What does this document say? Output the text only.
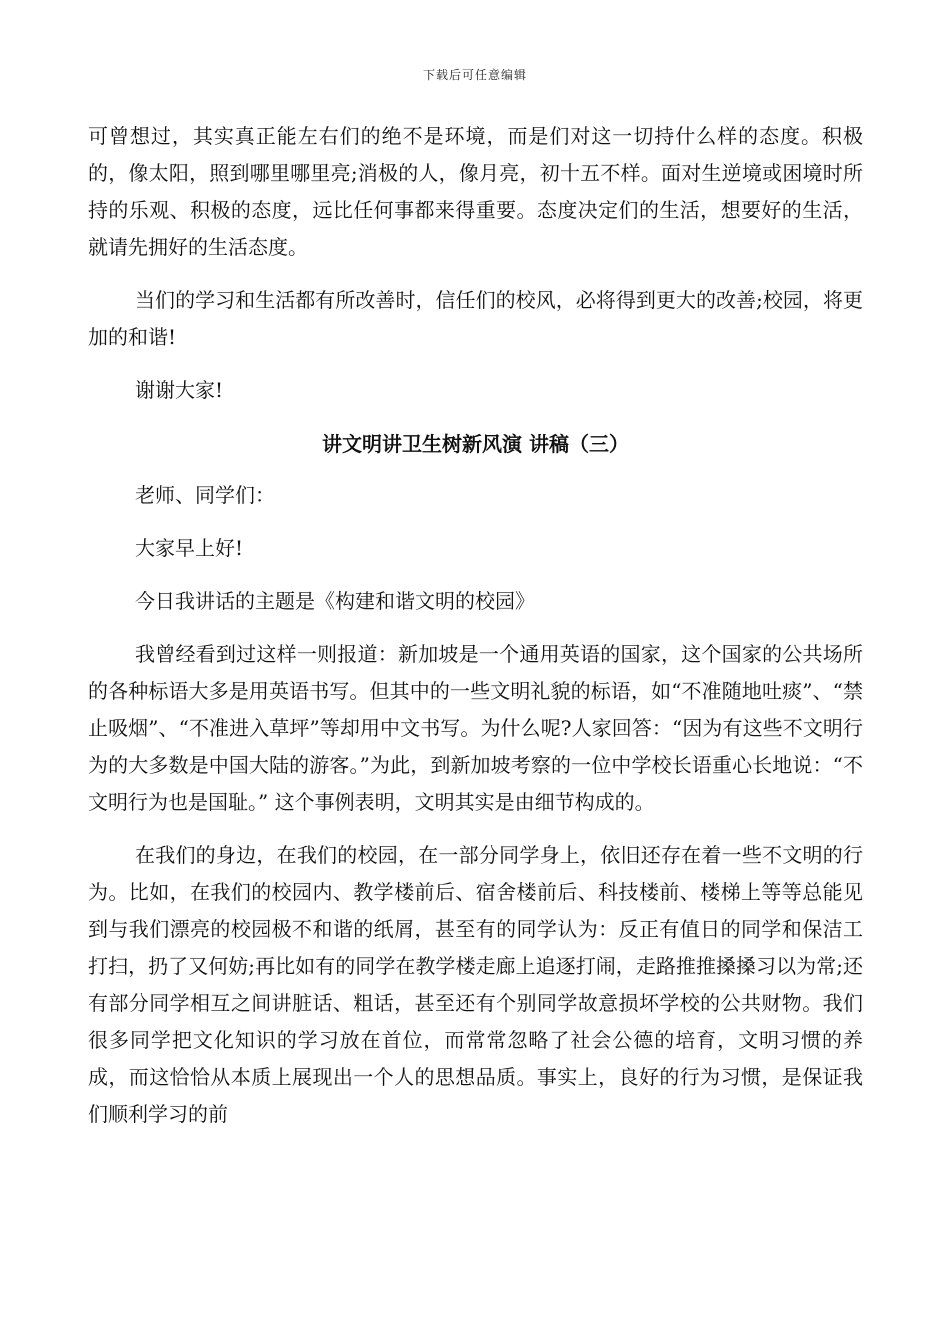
下载后可任意编辑

可曾想过，其实真正能左右们的绝不是环境，而是们对这一切持什么样的态度。积极的，像太阳，照到哪里哪里亮;消极的人，像月亮，初十五不样。面对生逆境或困境时所持的乐观、积极的态度，远比任何事都来得重要。态度决定们的生活，想要好的生活，就请先拥好的生活态度。

当们的学习和生活都有所改善时，信任们的校风，必将得到更大的改善;校园，将更加的和谐!

谢谢大家!

讲文明讲卫生树新风演 讲稿（三）

老师、同学们：

大家早上好!

今日我讲话的主题是《构建和谐文明的校园》

我曾经看到过这样一则报道：新加坡是一个通用英语的国家，这个国家的公共场所的各种标语大多是用英语书写。但其中的一些文明礼貌的标语，如“不准随地吐痰”、“禁止吸烟”、“不准进入草坪”等却用中文书写。为什么呢?人家回答：“因为有这些不文明行为的大多数是中国大陆的游客。”为此，到新加坡考察的一位中学校长语重心长地说：“不文明行为也是国耻。” 这个事例表明，文明其实是由细节构成的。

在我们的身边，在我们的校园，在一部分同学身上，依旧还存在着一些不文明的行为。比如，在我们的校园内、教学楼前后、宿舍楼前后、科技楼前、楼梯上等等总能见到与我们漂亮的校园极不和谐的纸屑，甚至有的同学认为：反正有值日的同学和保洁工打扫，扔了又何妨;再比如有的同学在教学楼走廊上追逐打闹，走路推推搡搡习以为常;还有部分同学相互之间讲脏话、粗话，甚至还有个别同学故意损坏学校的公共财物。我们很多同学把文化知识的学习放在首位，而常常忽略了社会公德的培育，文明习惯的养成，而这恰恰从本质上展现出一个人的思想品质。事实上，良好的行为习惯，是保证我们顺利学习的前
